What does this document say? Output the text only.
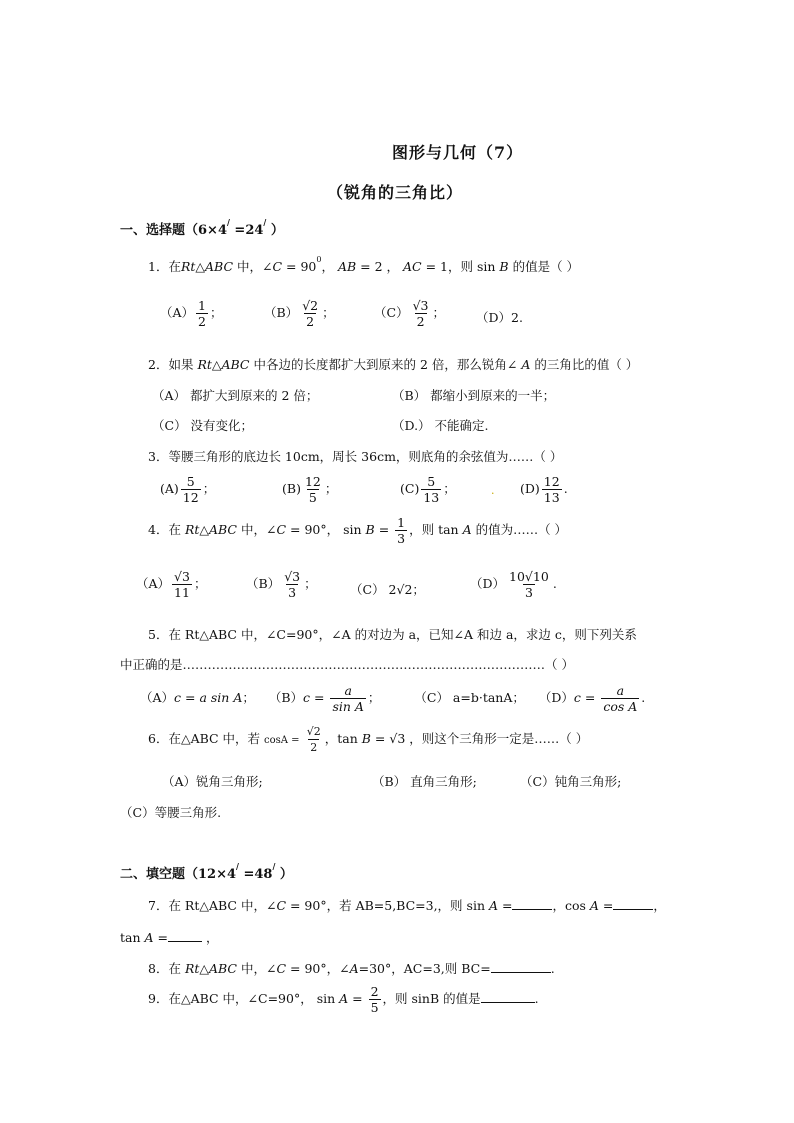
图形与几何（7）
（锐角的三角比）
一、选择题（6×4/ =24/ ）
1．在Rt△ABC 中，∠C = $90^0$， AB = 2 ， AC = 1，则 sin B 的值是（ ）
$(A) \frac{1}{2}$ ；	$(B) \frac{√2}{2}$ ；	$(C) \frac{√3}{2}$ ； （D）2.
2．如果 Rt△ABC 中各边的长度都扩大到原来的 2 倍，那么锐角∠ A 的三角比的值（ ）
（A） 都扩大到原来的 2 倍；	（B） 都缩小到原来的一半；
（C） 没有变化；	（D.） 不能确定.
3．等腰三角形的底边长 10cm，周长 36cm，则底角的余弦值为……（ ）
$(A) \frac{5}{12}$ ；	$(B) \frac{12}{5}$ ；	$(C) \frac{5}{13}$ ；	. $(D) \frac{12}{13}$ .
4．在 Rt△ABC 中，∠C = 90°， $\sin B = \frac{1}{3}$ ，则 tan A 的值为……（ ）
$(A) \frac{√3}{11}$ ；	$(B) \frac{√3}{3}$ ；	（C） 2√2；	$(D) \frac{10√10}{3}$ .
5．在 Rt△ABC 中，∠C=90°，∠A 的对边为 a，已知∠A 和边 a，求边 c，则下列关系
中正确的是……………………………………………………………………………（ ）
（A）c = a sin A； $(B)c = \frac{a}{\text{sin A}}$ ；	（C） a=b·tanA； $(D)c = \frac{a}{\text{cos A}}$ .
6．在△ABC 中，若 $\cos A = \frac{√2}{2}$ ，tan B = √3 ，则这个三角形一定是……（ ）
（A）锐角三角形;	（B） 直角三角形;	（C）钝角三角形;
（C）等腰三角形.
二、填空题（12×4/ =48/ ）
7．在 Rt△ABC 中，∠C = 90°，若 AB=5,BC=3,，则 sin A =	，cos A =	，
tan A =	，
8．在 Rt△ABC 中，∠C = 90°，∠A=30°，AC=3,则 BC=	.
9．在△ABC 中，∠C=90°， $\sin A = \frac{2}{5}$ ，则 sinB 的值是	.
